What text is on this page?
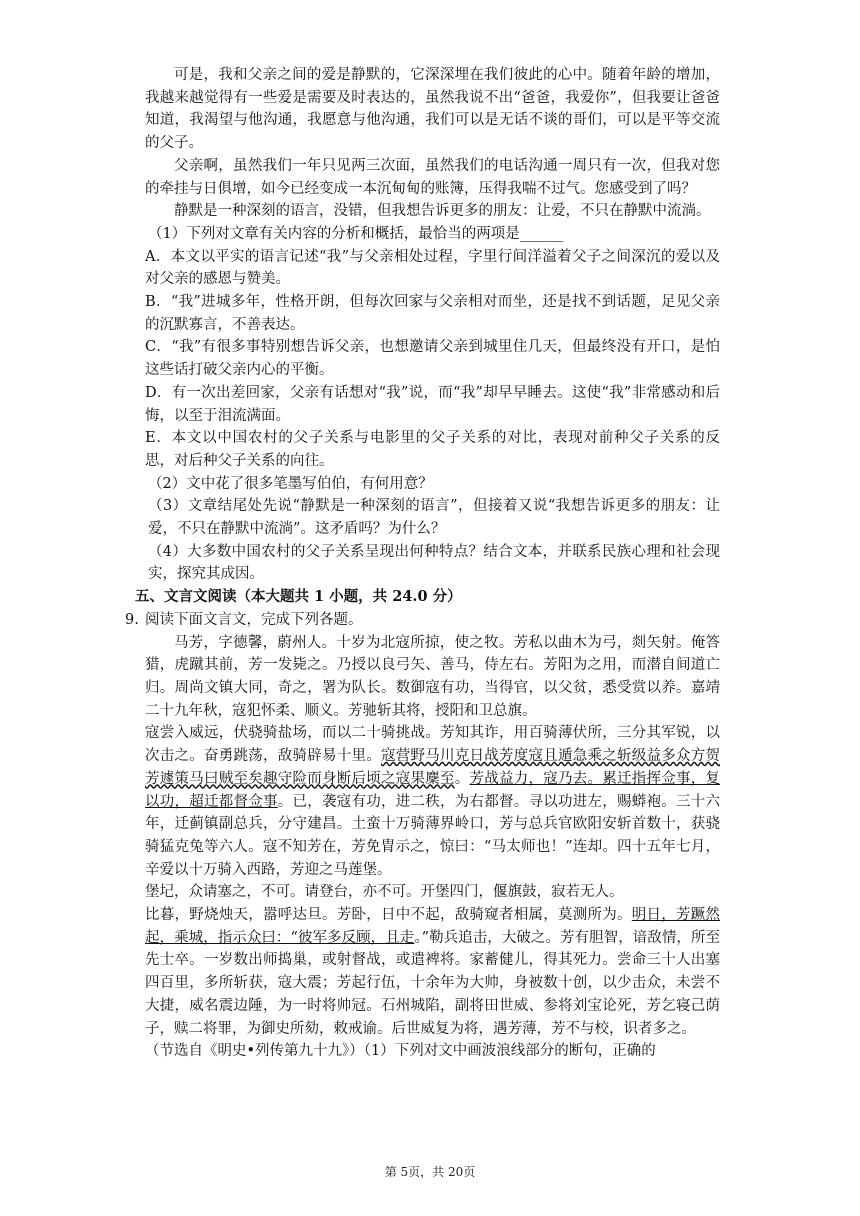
可是，我和父亲之间的爱是静默的，它深深埋在我们彼此的心中。随着年龄的增加，我越来越觉得有一些爱是需要及时表达的，虽然我说不出“爸爸，我爱你”，但我要让爸爸知道，我渴望与他沟通，我愿意与他沟通，我们可以是无话不谈的哥们，可以是平等交流的父子。

父亲啊，虽然我们一年只见两三次面，虽然我们的电话沟通一周只有一次，但我对您的牵挂与日俱增，如今已经变成一本沉甸甸的账簿，压得我喘不过气。您感受到了吗？

静默是一种深刻的语言，没错，但我想告诉更多的朋友：让爱，不只在静默中流淌。

（1）下列对文章有关内容的分析和概括，最恰当的两项是______

A．本文以平实的语言记述“我”与父亲相处过程，字里行间洋溢着父子之间深沉的爱以及对父亲的感恩与赞美。

B．“我”进城多年，性格开朗，但每次回家与父亲相对而坐，还是找不到话题，足见父亲的沉默寡言，不善表达。

C．“我”有很多事特别想告诉父亲，也想邀请父亲到城里住几天，但最终没有开口，是怕这些话打破父亲内心的平衡。

D．有一次出差回家，父亲有话想对“我”说，而“我”却早早睡去。这使“我”非常感动和后悔，以至于泪流满面。

E．本文以中国农村的父子关系与电影里的父子关系的对比，表现对前种父子关系的反思，对后种父子关系的向往。

（2）文中花了很多笔墨写伯伯，有何用意？

（3）文章结尾处先说“静默是一种深刻的语言”，但接着又说“我想告诉更多的朋友：让爱，不只在静默中流淌”。这矛盾吗？为什么？

（4）大多数中国农村的父子关系呈现出何种特点？结合文本，并联系民族心理和社会现实，探究其成因。

五、文言文阅读（本大题共 1 小题，共 24.0 分）

9. 阅读下面文言文，完成下列各题。

马芳，字德馨，蔚州人。十岁为北寇所掠，使之牧。芳私以曲木为弓，剡矢射。俺答猎，虎蹴其前，芳一发毙之。乃授以良弓矢、善马，侍左右。芳阳为之用，而潜自间道亡归。周尚文镇大同，奇之，署为队长。数御寇有功，当得官，以父贫，悉受赏以养。嘉靖二十九年秋，寇犯怀柔、顺义。芳驰斩其将，授阳和卫总旗。

寇尝入威远，伏骁骑盐场，而以二十骑挑战。芳知其诈，用百骑薄伏所，三分其军锐，以次击之。奋勇跳荡，敌骑辟易十里。寇营野马川克日战芳度寇且遁急乘之斩级益多众方贺芳遽策马曰贼至矣趣守险而身断后顷之寇果麇至。芳战益力，寇乃去。累迁指挥佥事，复以功，超迁都督佥事。已，袭寇有功，进二秩，为右都督。寻以功进左，赐蟒袍。三十六年，迁蓟镇副总兵，分守建昌。土蛮十万骑薄界岭口，芳与总兵官欧阳安斩首数十，获骁骑猛克兔等六人。寇不知芳在，芳免胄示之，惊曰：“马太师也！”连却。四十五年七月，辛爱以十万骑入西路，芳迎之马莲堡。

堡圮，众请塞之，不可。请登台，亦不可。开堡四门，偃旗鼓，寂若无人。

比暮，野烧烛天，嚣呼达旦。芳卧，日中不起，敌骑窥者相属，莫测所为。明日，芳蹶然起，乘城，指示众曰：“彼军多反顾，且走。”勒兵追击，大破之。芳有胆智，谙敌情，所至先士卒。一岁数出师捣巢，或射督战，或遣裨将。家蓄健儿，得其死力。尝命三十人出塞四百里，多所斩获，寇大震；芳起行伍，十余年为大帅，身被数十创，以少击众，未尝不大捷，威名震边陲，为一时将帅冠。石州城陷，副将田世威、参将刘宝论死，芳乞寝己荫子，赎二将罪，为御史所劾，敕戒谕。后世威复为将，遇芳薄，芳不与校，识者多之。

（节选自《明史•列传第九十九》）（1）下列对文中画波浪线部分的断句，正确的

第 5页，共 20页
